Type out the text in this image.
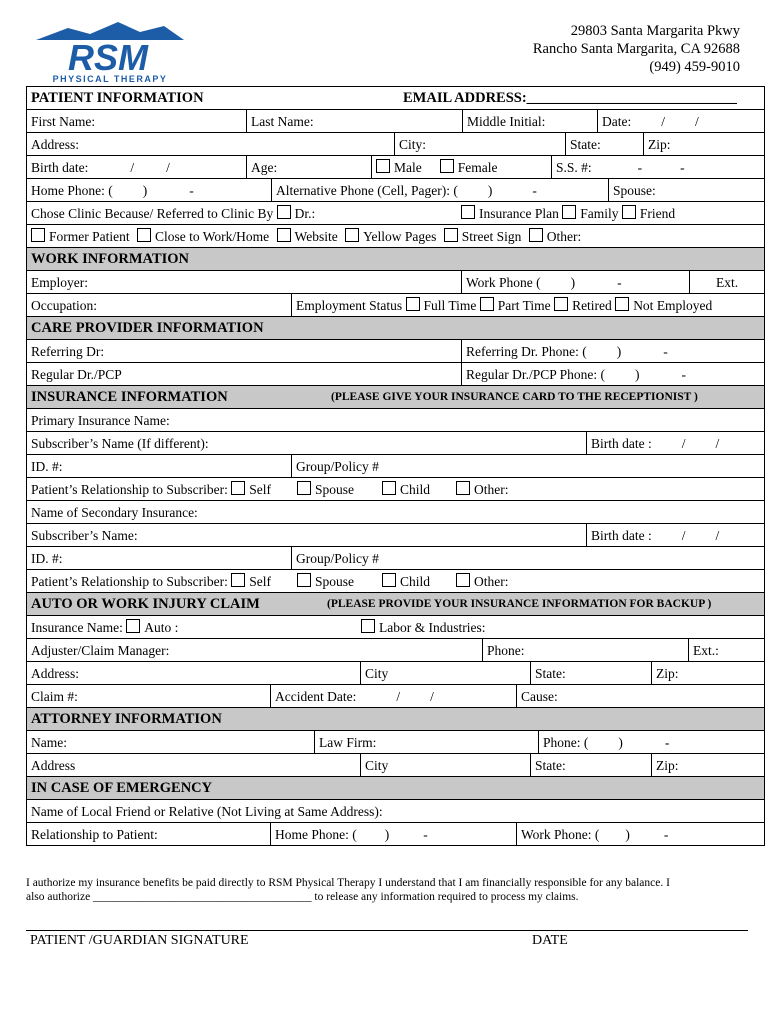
RSM
PHYSICAL THERAPY
29803 Santa Margarita Pkwy
Rancho Santa Margarita, CA 92688
(949) 459-9010
PATIENT INFORMATION	EMAIL ADDRESS:_____________________________
First Name:	Last Name:	Middle Initial:	Date: / /
Address:	City:	State:	Zip:
Birth date:	/ /	Age:	Male	Female	S.S. #:	-	-
Home Phone: ( )	-	Alternative Phone (Cell, Pager): ( )	-	Spouse:
Chose Clinic Because/ Referred to Clinic By Dr.:	Insurance Plan Family Friend
Former Patient Close to Work/Home Website Yellow Pages Street Sign Other:
WORK INFORMATION
Employer:	Work Phone ( )	-	Ext.
Occupation:	Employment Status Full Time Part Time Retired Not Employed
CARE PROVIDER INFORMATION
Referring Dr:	Referring Dr. Phone: ( )	-
Regular Dr./PCP	Regular Dr./PCP Phone: ( )	-
INSURANCE INFORMATION	(PLEASE GIVE YOUR INSURANCE CARD TO THE RECEPTIONIST )
Primary Insurance Name:
Subscriber’s Name (If different):	Birth date : / /
ID. #:	Group/Policy #
Patient’s Relationship to Subscriber: Self	Spouse	Child	Other:
Name of Secondary Insurance:
Subscriber’s Name:	Birth date : / /
ID. #:	Group/Policy #
Patient’s Relationship to Subscriber: Self	Spouse	Child	Other:
AUTO OR WORK INJURY CLAIM	(PLEASE PROVIDE YOUR INSURANCE INFORMATION FOR BACKUP )
Insurance Name: Auto :	Labor & Industries:
Adjuster/Claim Manager:	Phone:	Ext.:
Address:	City	State:	Zip:
Claim #:	Accident Date:	/ /	Cause:
ATTORNEY INFORMATION
Name:	Law Firm:	Phone: ( )	-
Address	City	State:	Zip:
IN CASE OF EMERGENCY
Name of Local Friend or Relative (Not Living at Same Address):
Relationship to Patient:	Home Phone: ( )	-	Work Phone: ( )	-
I authorize my insurance benefits be paid directly to RSM Physical Therapy I understand that I am financially responsible for any balance. I
also authorize ______________________________________ to release any information required to process my claims.
PATIENT /GUARDIAN SIGNATURE	DATE
